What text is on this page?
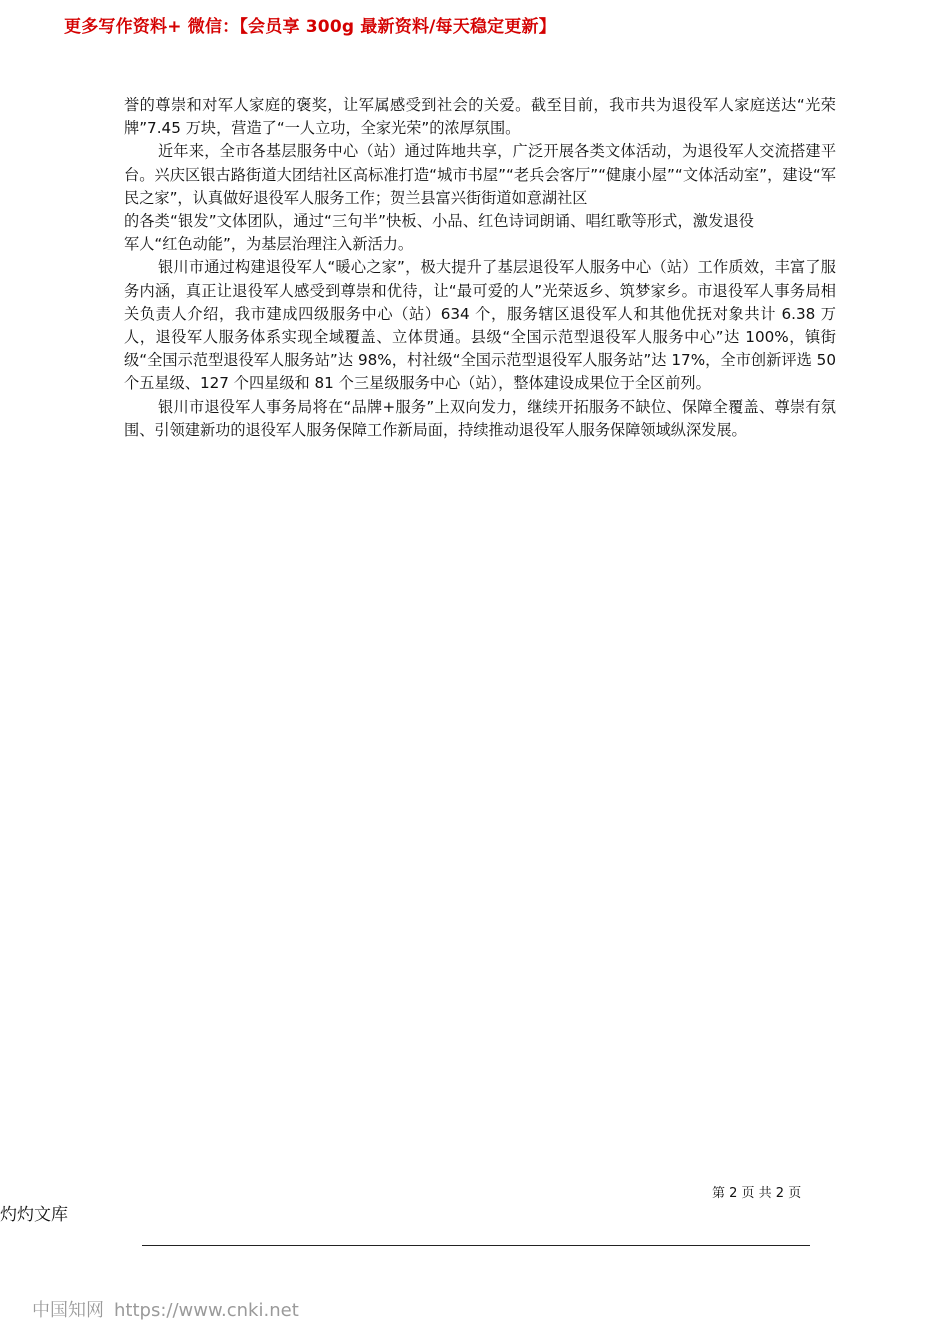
更多写作资料+ 微信：【会员享 300g 最新资料/每天稳定更新】

誉的尊崇和对军人家庭的褒奖，让军属感受到社会的关爱。截至目前，我市共为退役军人家庭送达“光荣牌”7.45 万块，营造了“一人立功，全家光荣”的浓厚氛围。

近年来，全市各基层服务中心（站）通过阵地共享，广泛开展各类文体活动，为退役军人交流搭建平台。兴庆区银古路街道大团结社区高标准打造“城市书屋”“老兵会客厅”“健康小屋”“文体活动室”，建设“军民之家”，认真做好退役军人服务工作；贺兰县富兴街街道如意湖社区

的各类“银发”文体团队，通过“三句半”快板、小品、红色诗词朗诵、唱红歌等形式，激发退役军人“红色动能”，为基层治理注入新活力。

银川市通过构建退役军人“暖心之家”，极大提升了基层退役军人服务中心（站）工作质效，丰富了服务内涵，真正让退役军人感受到尊崇和优待，让“最可爱的人”光荣返乡、筑梦家乡。市退役军人事务局相关负责人介绍，我市建成四级服务中心（站）634 个，服务辖区退役军人和其他优抚对象共计 6.38 万人，退役军人服务体系实现全域覆盖、立体贯通。县级“全国示范型退役军人服务中心”达 100%，镇街级“全国示范型退役军人服务站”达 98%，村社级“全国示范型退役军人服务站”达 17%，全市创新评选 50 个五星级、127 个四星级和 81 个三星级服务中心（站），整体建设成果位于全区前列。

银川市退役军人事务局将在“品牌+服务”上双向发力，继续开拓服务不缺位、保障全覆盖、尊崇有氛围、引领建新功的退役军人服务保障工作新局面，持续推动退役军人服务保障领域纵深发展。

第 2 页 共 2 页
灼灼文库
中国知网 https://www.cnki.net
